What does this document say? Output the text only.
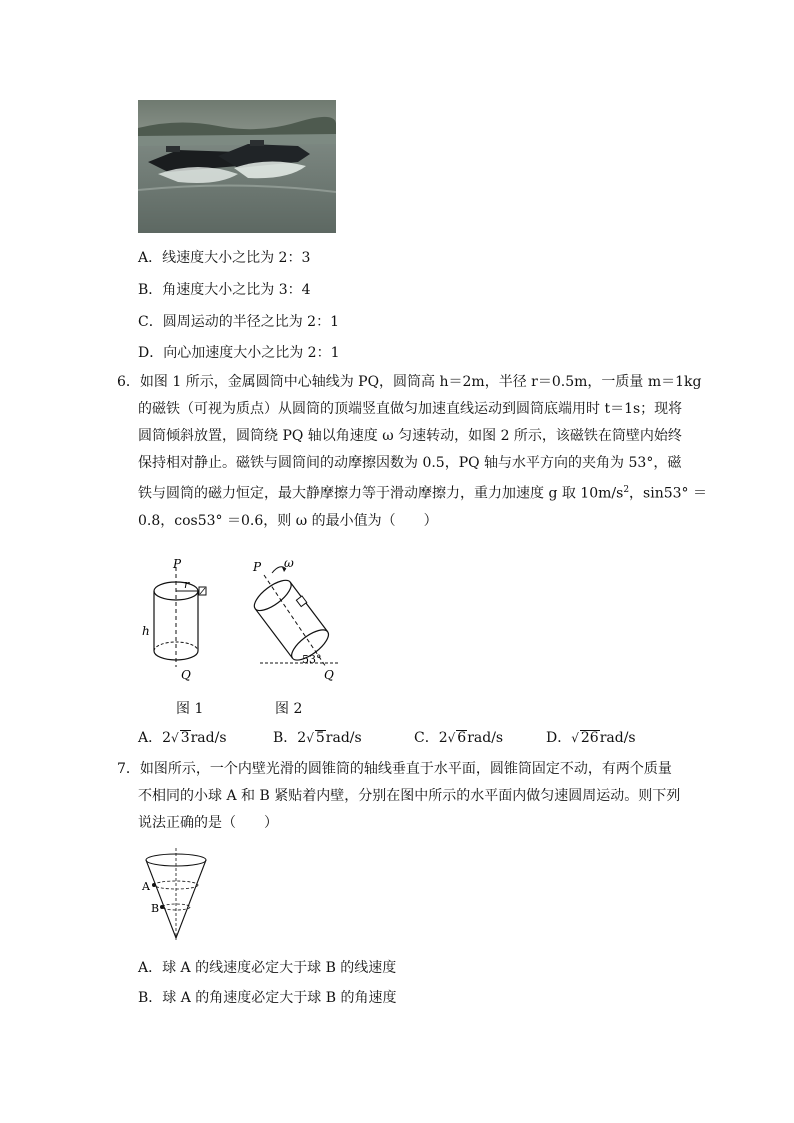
A．线速度大小之比为 2：3
B．角速度大小之比为 3：4
C．圆周运动的半径之比为 2：1
D．向心加速度大小之比为 2：1
6．如图 1 所示，金属圆筒中心轴线为 PQ，圆筒高 h＝2m，半径 r＝0.5m，一质量 m＝1kg
的磁铁（可视为质点）从圆筒的顶端竖直做匀加速直线运动到圆筒底端用时 t＝1s；现将
圆筒倾斜放置，圆筒绕 PQ 轴以角速度 ω 匀速转动，如图 2 所示，该磁铁在筒壁内始终
保持相对静止。磁铁与圆筒间的动摩擦因数为 0.5，PQ 轴与水平方向的夹角为 53°，磁
铁与圆筒的磁力恒定，最大静摩擦力等于滑动摩擦力，重力加速度 g 取 $10m/s^2$，sin53° ＝
0.8，cos53° ＝0.6，则 ω 的最小值为（　　）
P
Q
h
r
图 1
P ω
53°
Q
图 2
A．2√ 3rad/s	B．2√ 5rad/s	C．2√ 6rad/s	D．√ 26rad/s
7．如图所示，一个内壁光滑的圆锥筒的轴线垂直于水平面，圆锥筒固定不动，有两个质量
不相同的小球 A 和 B 紧贴着内壁，分别在图中所示的水平面内做匀速圆周运动。则下列
说法正确的是（　　）
A
B
A．球 A 的线速度必定大于球 B 的线速度
B．球 A 的角速度必定大于球 B 的角速度
